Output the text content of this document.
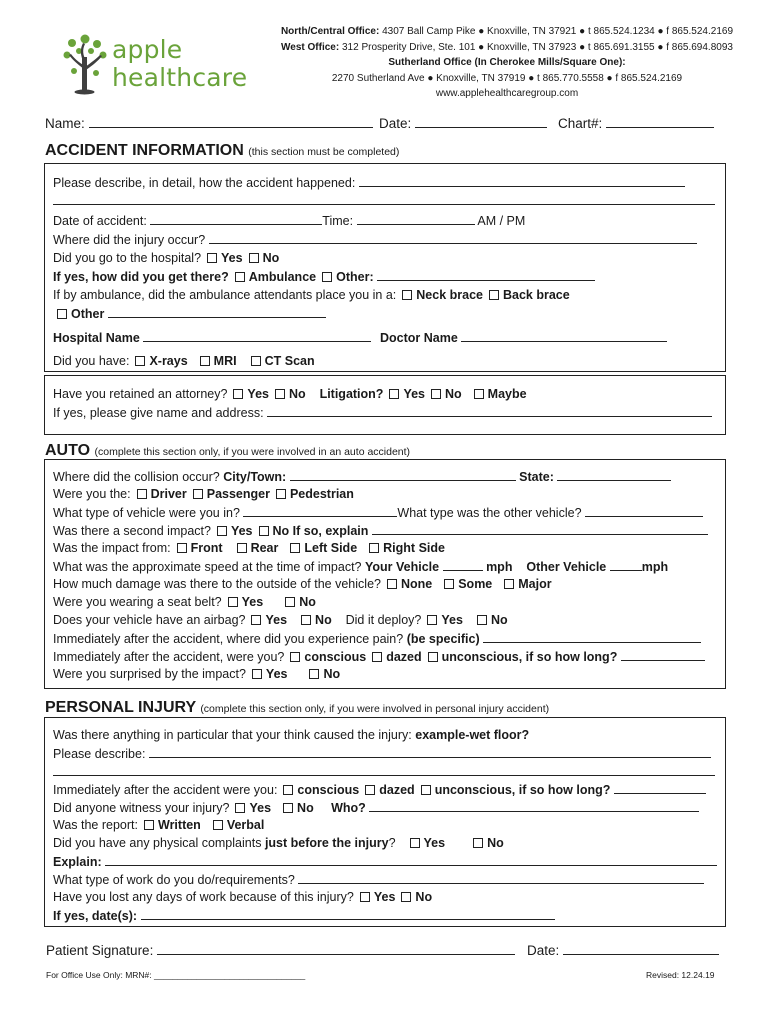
apple
healthcare
North/Central Office: 4307 Ball Camp Pike ● Knoxville, TN 37921 ● t 865.524.1234 ● f 865.524.2169
West Office: 312 Prosperity Drive, Ste. 101 ● Knoxville, TN 37923 ● t 865.691.3155 ● f 865.694.8093
Sutherland Office (In Cherokee Mills/Square One):
2270 Sutherland Ave ● Knoxville, TN 37919 ● t 865.770.5558 ● f 865.524.2169
www.applehealthcaregroup.com
Name:	Date:	Chart#:
ACCIDENT INFORMATION (this section must be completed)
Please describe, in detail, how the accident happened:
Date of accident:	Time:	AM / PM
Where did the injury occur?
Did you go to the hospital? Yes No
If yes, how did you get there? Ambulance Other:
If by ambulance, did the ambulance attendants place you in a: Neck brace Back brace
Other
Hospital Name	Doctor Name
Did you have: X-rays MRI CT Scan
Have you retained an attorney? Yes No Litigation? Yes No Maybe
If yes, please give name and address:
AUTO (complete this section only, if you were involved in an auto accident)
Where did the collision occur? City/Town:	State:
Were you the: Driver Passenger Pedestrian
What type of vehicle were you in?	What type was the other vehicle?
Was there a second impact? Yes No If so, explain
Was the impact from: Front Rear Left Side Right Side
What was the approximate speed at the time of impact? Your Vehicle	mph Other Vehicle	mph
How much damage was there to the outside of the vehicle? None Some Major
Were you wearing a seat belt? Yes	No
Does your vehicle have an airbag? Yes No Did it deploy? Yes No
Immediately after the accident, where did you experience pain? (be specific)
Immediately after the accident, were you? conscious dazed unconscious, if so how long?
Were you surprised by the impact? Yes	No
PERSONAL INJURY (complete this section only, if you were involved in personal injury accident)
Was there anything in particular that your think caused the injury: example-wet floor?
Please describe:
Immediately after the accident were you: conscious dazed unconscious, if so how long?
Did anyone witness your injury? Yes No Who?
Was the report: Written Verbal
Did you have any physical complaints just before the injury? Yes	No
Explain:
What type of work do you do/requirements?
Have you lost any days of work because of this injury? Yes No
If yes, date(s):
Patient Signature:	Date:
For Office Use Only: MRN#: ________________________________	Revised: 12.24.19
